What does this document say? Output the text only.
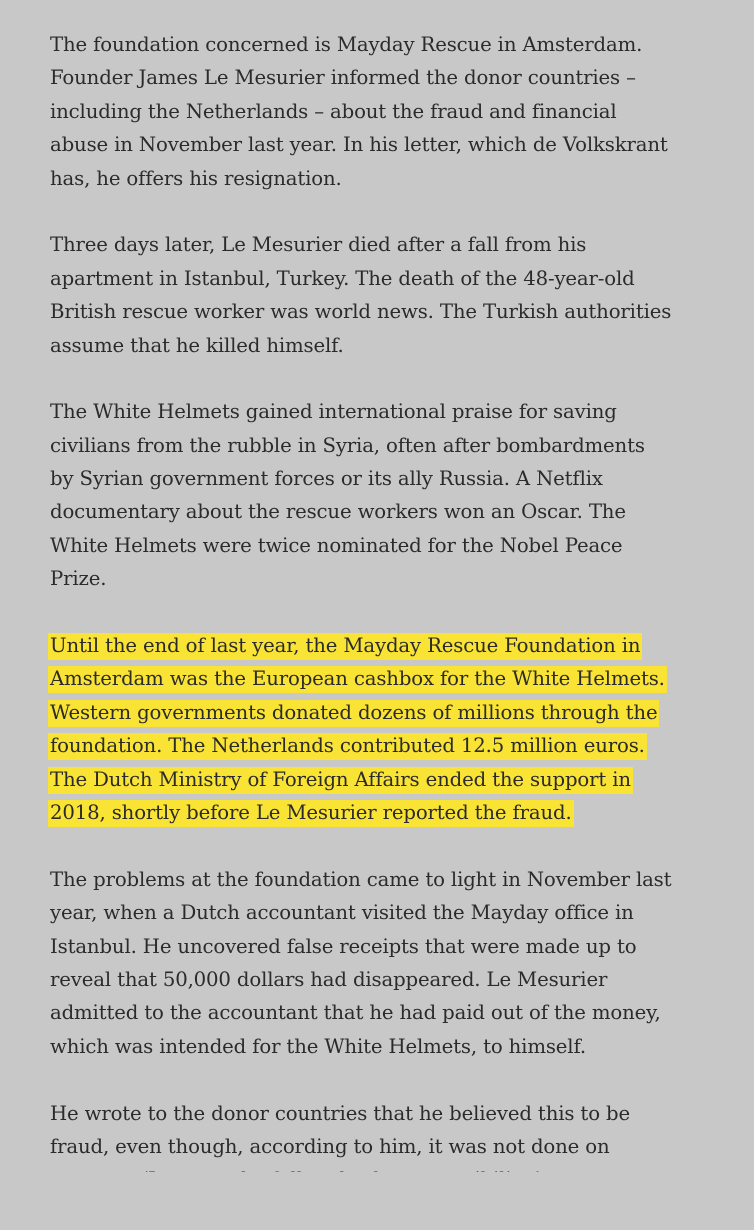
The foundation concerned is Mayday Rescue in Amsterdam.
Founder James Le Mesurier informed the donor countries –
including the Netherlands – about the fraud and financial
abuse in November last year. In his letter, which de Volkskrant
has, he offers his resignation.
Three days later, Le Mesurier died after a fall from his
apartment in Istanbul, Turkey. The death of the 48-year-old
British rescue worker was world news. The Turkish authorities
assume that he killed himself.
The White Helmets gained international praise for saving
civilians from the rubble in Syria, often after bombardments
by Syrian government forces or its ally Russia. A Netflix
documentary about the rescue workers won an Oscar. The
White Helmets were twice nominated for the Nobel Peace
Prize.
Until the end of last year, the Mayday Rescue Foundation in
Amsterdam was the European cashbox for the White Helmets.
Western governments donated dozens of millions through the
foundation. The Netherlands contributed 12.5 million euros.
The Dutch Ministry of Foreign Affairs ended the support in
2018, shortly before Le Mesurier reported the fraud.
The problems at the foundation came to light in November last
year, when a Dutch accountant visited the Mayday office in
Istanbul. He uncovered false receipts that were made up to
reveal that 50,000 dollars had disappeared. Le Mesurier
admitted to the accountant that he had paid out of the money,
which was intended for the White Helmets, to himself.
He wrote to the donor countries that he believed this to be
fraud, even though, according to him, it was not done on
